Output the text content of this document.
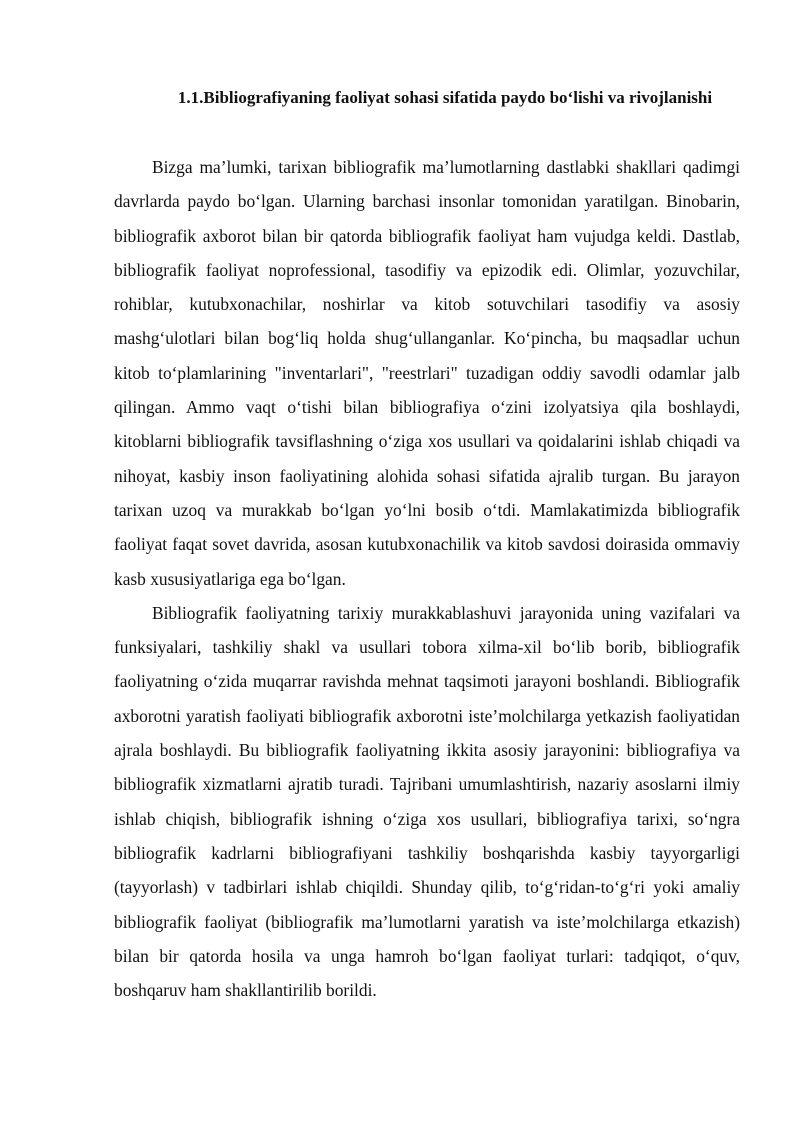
1.1.Bibliografiyaning faoliyat sohasi sifatida paydo bo‘lishi va rivojlanishi

Bizga ma’lumki, tarixan bibliografik ma’lumotlarning dastlabki shakllari qadimgi davrlarda paydo bo‘lgan. Ularning barchasi insonlar tomonidan yaratilgan. Binobarin, bibliografik axborot bilan bir qatorda bibliografik faoliyat ham vujudga keldi. Dastlab, bibliografik faoliyat noprofessional, tasodifiy va epizodik edi. Olimlar, yozuvchilar, rohiblar, kutubxonachilar, noshirlar va kitob sotuvchilari tasodifiy va asosiy mashg‘ulotlari bilan bog‘liq holda shug‘ullanganlar. Ko‘pincha, bu maqsadlar uchun kitob to‘plamlarining "inventarlari", "reestrlari" tuzadigan oddiy savodli odamlar jalb qilingan. Ammo vaqt o‘tishi bilan bibliografiya o‘zini izolyatsiya qila boshlaydi, kitoblarni bibliografik tavsiflashning o‘ziga xos usullari va qoidalarini ishlab chiqadi va nihoyat, kasbiy inson faoliyatining alohida sohasi sifatida ajralib turgan. Bu jarayon tarixan uzoq va murakkab bo‘lgan yo‘lni bosib o‘tdi. Mamlakatimizda bibliografik faoliyat faqat sovet davrida, asosan kutubxonachilik va kitob savdosi doirasida ommaviy kasb xususiyatlariga ega bo‘lgan.

Bibliografik faoliyatning tarixiy murakkablashuvi jarayonida uning vazifalari va funksiyalari, tashkiliy shakl va usullari tobora xilma-xil bo‘lib borib, bibliografik faoliyatning o‘zida muqarrar ravishda mehnat taqsimoti jarayoni boshlandi. Bibliografik axborotni yaratish faoliyati bibliografik axborotni iste’molchilarga yetkazish faoliyatidan ajrala boshlaydi. Bu bibliografik faoliyatning ikkita asosiy jarayonini: bibliografiya va bibliografik xizmatlarni ajratib turadi. Tajribani umumlashtirish, nazariy asoslarni ilmiy ishlab chiqish, bibliografik ishning o‘ziga xos usullari, bibliografiya tarixi, so‘ngra bibliografik kadrlarni bibliografiyani tashkiliy boshqarishda kasbiy tayyorgarligi (tayyorlash) v tadbirlari ishlab chiqildi. Shunday qilib, to‘g‘ridan-to‘g‘ri yoki amaliy bibliografik faoliyat (bibliografik ma’lumotlarni yaratish va iste’molchilarga etkazish) bilan bir qatorda hosila va unga hamroh bo‘lgan faoliyat turlari: tadqiqot, o‘quv, boshqaruv ham shakllantirilib borildi.
